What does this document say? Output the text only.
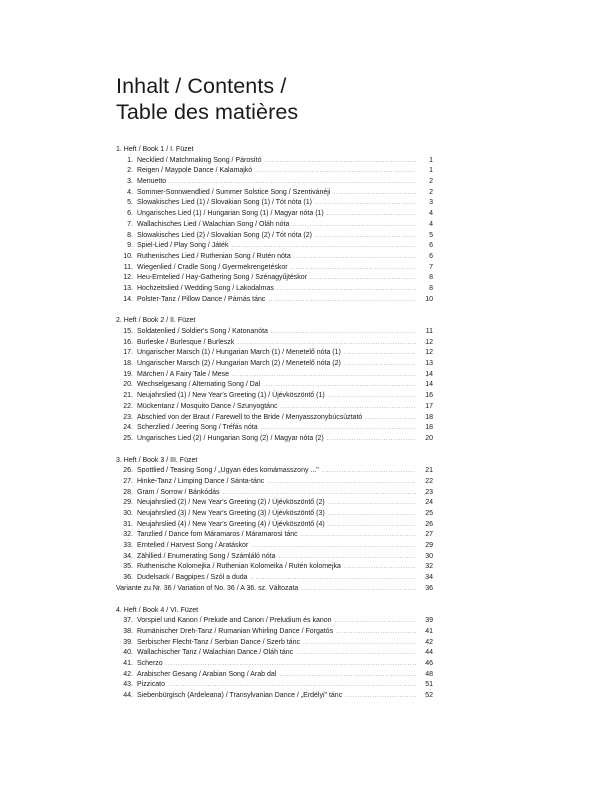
Inhalt / Contents /
Table des matières
1. Heft / Book 1 / I. Füzet
1. Necklied / Matchmaking Song / Párosító .....	1
2. Reigen / Maypole Dance / Kalamajkó .....	1
3. Menuetto .....	2
4. Sommer-Sonnwendlied / Summer Solstice Song / Szentivánéji .....	2
5. Slowakisches Lied (1) / Slovakian Song (1) / Tót nóta (1) .....	3
6. Ungarisches Lied (1) / Hungarian Song (1) / Magyar nóta (1) .....	4
7. Wallachisches Lied / Walachian Song / Oláh nóta .....	4
8. Slowakisches Lied (2) / Slovakian Song (2) / Tót nóta (2) .....	5
9. Spiel-Lied / Play Song / Játék .....	6
10. Ruthenisches Lied / Ruthenian Song / Rutén nóta .....	6
11. Wiegenlied / Cradle Song / Gyermekrengetéskor .....	7
12. Heu-Erntelied / Hay-Gathering Song / Szénagyűjtéskor .....	8
13. Hochzeitslied / Wedding Song / Lakodalmas .....	8
14. Polster-Tanz / Pillow Dance / Párnás tánc .....	10
2. Heft / Book 2 / II. Füzet
15. Soldatenlied / Soldier's Song / Katonanóta .....	11
16. Burleske / Burlesque / Burleszk .....	12
17. Ungarischer Marsch (1) / Hungarian March (1) / Menetelő nóta (1) .....	12
18. Ungarischer Marsch (2) / Hungarian March (2) / Menetelő nóta (2) .....	13
19. Märchen / A Fairy Tale / Mese .....	14
20. Wechselgesang / Alternating Song / Dal .....	14
21. Neujahrslied (1) / New Year's Greeting (1) / Újévköszöntő (1) .....	16
22. Mückentanz / Mosquito Dance / Szunyogtánc .....	17
23. Abschied von der Braut / Farewell to the Bride / Menyasszonybúcsúztató .....	18
24. Scherzlied / Jeering Song / Tréfás nóta .....	18
25. Ungarisches Lied (2) / Hungarian Song (2) / Magyar nóta (2) .....	20
3. Heft / Book 3 / III. Füzet
26. Spottlied / Teasing Song / „Ugyan édes komámasszony ..." .....	21
27. Hinke-Tanz / Limping Dance / Sánta-tánc .....	22
28. Gram / Sorrow / Bánkódás .....	23
29. Neujahrslied (2) / New Year's Greeting (2) / Újévköszöntő (2) .....	24
30. Neujahrslied (3) / New Year's Greeting (3) / Újévköszöntő (3) .....	25
31. Neujahrslied (4) / New Year's Greeting (4) / Újévköszöntő (4) .....	26
32. Tanzlied / Dance fom Máramaros / Máramarosi tánc .....	27
33. Erntelied / Harvest Song / Aratáskor .....	29
34. Zähllied / Enumerating Song / Számláló nóta .....	30
35. Ruthenische Kolomejka / Ruthenian Kolomeika / Rutén kolomejka .....	32
36. Dudelsack / Bagpipes / Szól a duda .....	34
Variante zu Nr. 36 / Variation of No. 36 / A 36. sz. Változata .....	36
4. Heft / Book 4 / VI. Füzet
37. Vorspiel und Kanon / Prelude and Canon / Preludium és kanon .....	39
38. Rumänischer Dreh-Tanz / Rumanian Whirling Dance / Forgatós .....	41
39. Serbischer Flecht-Tanz / Serbian Dance / Szerb tánc .....	42
40. Wallachischer Tanz / Walachian Dance / Oláh tánc .....	44
41. Scherzo .....	46
42. Arabischer Gesang / Arabian Song / Arab dal .....	48
43. Pizzicato .....	51
44. Siebenbürgisch (Ardeleana) / Transylvanian Dance / „Erdélyi" tánc .....	52
